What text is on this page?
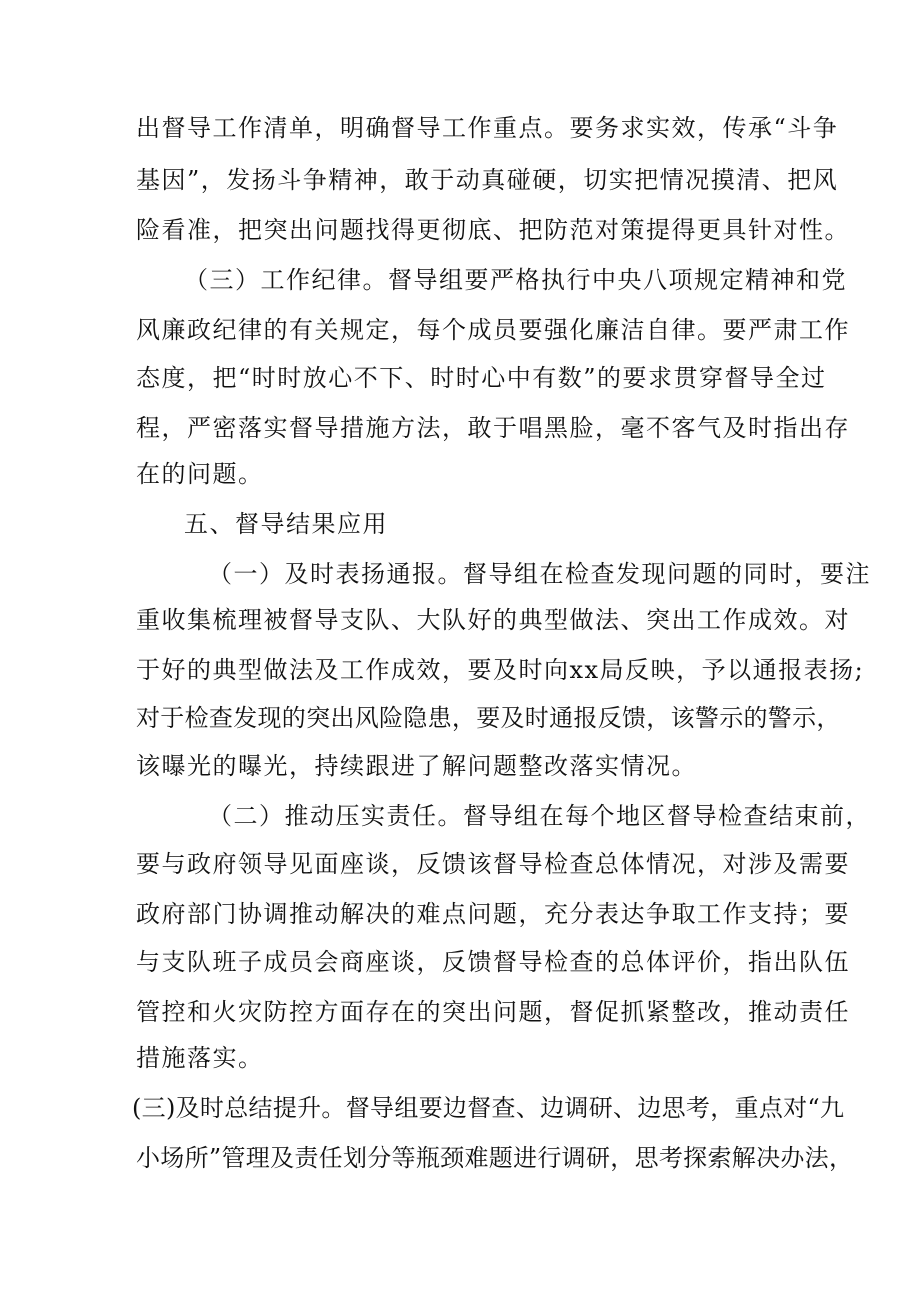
出督导工作清单，明确督导工作重点。要务求实效，传承“斗争
基因”，发扬斗争精神，敢于动真碰硬，切实把情况摸清、把风
险看准，把突出问题找得更彻底、把防范对策提得更具针对性。
（三）工作纪律。督导组要严格执行中央八项规定精神和党
风廉政纪律的有关规定，每个成员要强化廉洁自律。要严肃工作
态度，把“时时放心不下、时时心中有数”的要求贯穿督导全过
程，严密落实督导措施方法，敢于唱黑脸，毫不客气及时指出存
在的问题。
五、督导结果应用
（一）及时表扬通报。督导组在检查发现问题的同时，要注
重收集梳理被督导支队、大队好的典型做法、突出工作成效。对
于好的典型做法及工作成效，要及时向xx局反映，予以通报表扬;
对于检查发现的突出风险隐患，要及时通报反馈，该警示的警示，
该曝光的曝光，持续跟进了解问题整改落实情况。
（二）推动压实责任。督导组在每个地区督导检查结束前，
要与政府领导见面座谈，反馈该督导检查总体情况，对涉及需要
政府部门协调推动解决的难点问题，充分表达争取工作支持；要
与支队班子成员会商座谈，反馈督导检查的总体评价，指出队伍
管控和火灾防控方面存在的突出问题，督促抓紧整改，推动责任
措施落实。
(三)及时总结提升。督导组要边督查、边调研、边思考，重点对“九
小场所”管理及责任划分等瓶颈难题进行调研，思考探索解决办法，
